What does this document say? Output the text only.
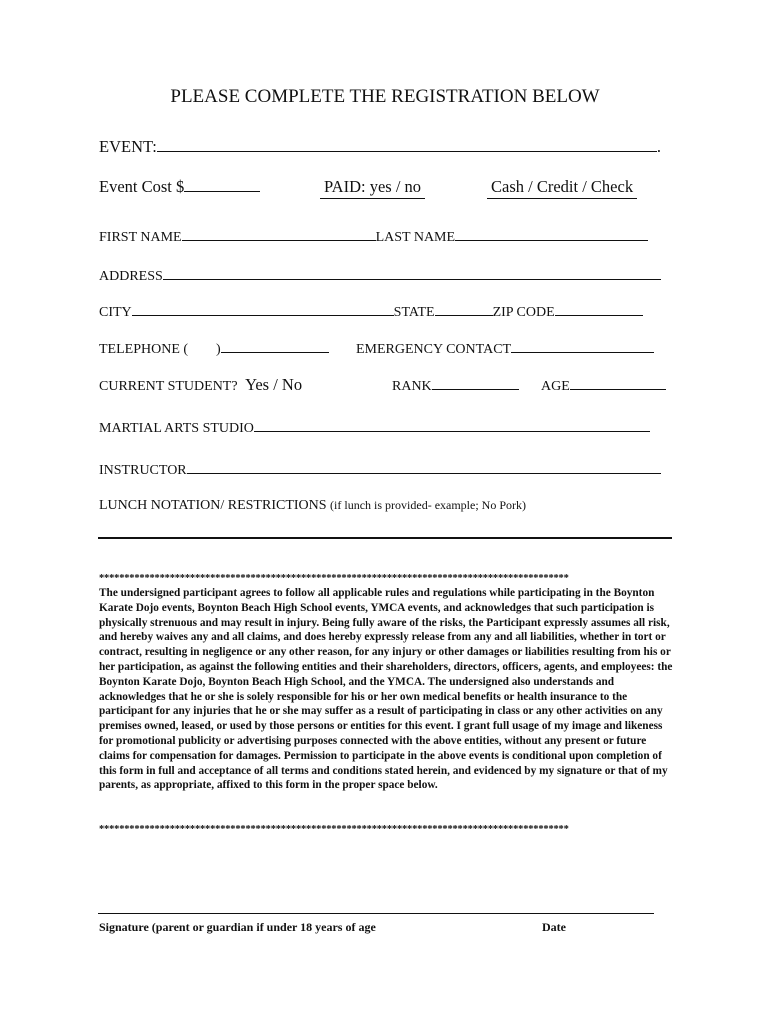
PLEASE COMPLETE THE REGISTRATION BELOW
EVENT:	.
Event Cost $	PAID: yes / no	Cash / Credit / Check
FIRST NAME	LAST NAME
ADDRESS
CITY	STATE	ZIP CODE
TELEPHONE ( )	EMERGENCY CONTACT
CURRENT STUDENT? Yes / No	RANK	AGE
MARTIAL ARTS STUDIO
INSTRUCTOR
LUNCH NOTATION/ RESTRICTIONS (if lunch is provided- example; No Pork)
*********************************************************************************************
The undersigned participant agrees to follow all applicable rules and regulations while participating in the Boynton Karate Dojo events, Boynton Beach High School events, YMCA events, and acknowledges that such participation is physically strenuous and may result in injury. Being fully aware of the risks, the Participant expressly assumes all risk, and hereby waives any and all claims, and does hereby expressly release from any and all liabilities, whether in tort or contract, resulting in negligence or any other reason, for any injury or other damages or liabilities resulting from his or her participation, as against the following entities and their shareholders, directors, officers, agents, and employees: the Boynton Karate Dojo, Boynton Beach High School, and the YMCA. The undersigned also understands and acknowledges that he or she is solely responsible for his or her own medical benefits or health insurance to the participant for any injuries that he or she may suffer as a result of participating in class or any other activities on any premises owned, leased, or used by those persons or entities for this event. I grant full usage of my image and likeness for promotional publicity or advertising purposes connected with the above entities, without any present or future claims for compensation for damages. Permission to participate in the above events is conditional upon completion of this form in full and acceptance of all terms and conditions stated herein, and evidenced by my signature or that of my parents, as appropriate, affixed to this form in the proper space below.
*********************************************************************************************
Signature (parent or guardian if under 18 years of age	Date
